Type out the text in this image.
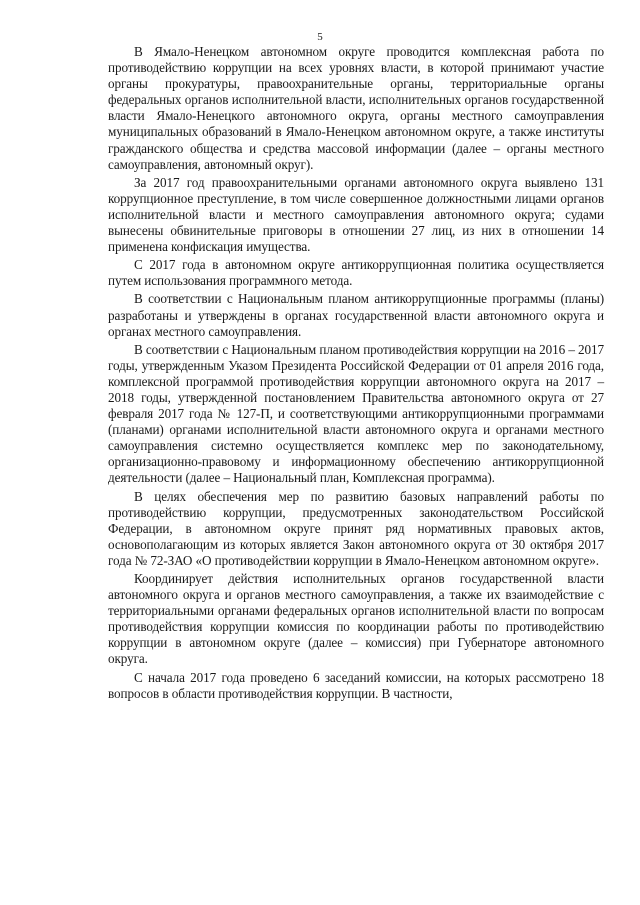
5

В Ямало-Ненецком автономном округе проводится комплексная работа по противодействию коррупции на всех уровнях власти, в которой принимают участие органы прокуратуры, правоохранительные органы, территориальные органы федеральных органов исполнительной власти, исполнительных органов государственной власти Ямало-Ненецкого автономного округа, органы местного самоуправления муниципальных образований в Ямало-Ненецком автономном округе, а также институты гражданского общества и средства массовой информации (далее – органы местного самоуправления, автономный округ).

За 2017 год правоохранительными органами автономного округа выявлено 131 коррупционное преступление, в том числе совершенное должностными лицами органов исполнительной власти и местного самоуправления автономного округа; судами вынесены обвинительные приговоры в отношении 27 лиц, из них в отношении 14 применена конфискация имущества.

С 2017 года в автономном округе антикоррупционная политика осуществляется путем использования программного метода.

В соответствии с Национальным планом антикоррупционные программы (планы) разработаны и утверждены в органах государственной власти автономного округа и органах местного самоуправления.

В соответствии с Национальным планом противодействия коррупции на 2016 – 2017 годы, утвержденным Указом Президента Российской Федерации от 01 апреля 2016 года, комплексной программой противодействия коррупции автономного округа на 2017 – 2018 годы, утвержденной постановлением Правительства автономного округа от 27 февраля 2017 года № 127-П, и соответствующими антикоррупционными программами (планами) органами исполнительной власти автономного округа и органами местного самоуправления системно осуществляется комплекс мер по законодательному, организационно-правовому и информационному обеспечению антикоррупционной деятельности (далее – Национальный план, Комплексная программа).

В целях обеспечения мер по развитию базовых направлений работы по противодействию коррупции, предусмотренных законодательством Российской Федерации, в автономном округе принят ряд нормативных правовых актов, основополагающим из которых является Закон автономного округа от 30 октября 2017 года № 72-ЗАО «О противодействии коррупции в Ямало-Ненецком автономном округе».

Координирует действия исполнительных органов государственной власти автономного округа и органов местного самоуправления, а также их взаимодействие с территориальными органами федеральных органов исполнительной власти по вопросам противодействия коррупции комиссия по координации работы по противодействию коррупции в автономном округе (далее – комиссия) при Губернаторе автономного округа.

С начала 2017 года проведено 6 заседаний комиссии, на которых рассмотрено 18 вопросов в области противодействия коррупции. В частности,
